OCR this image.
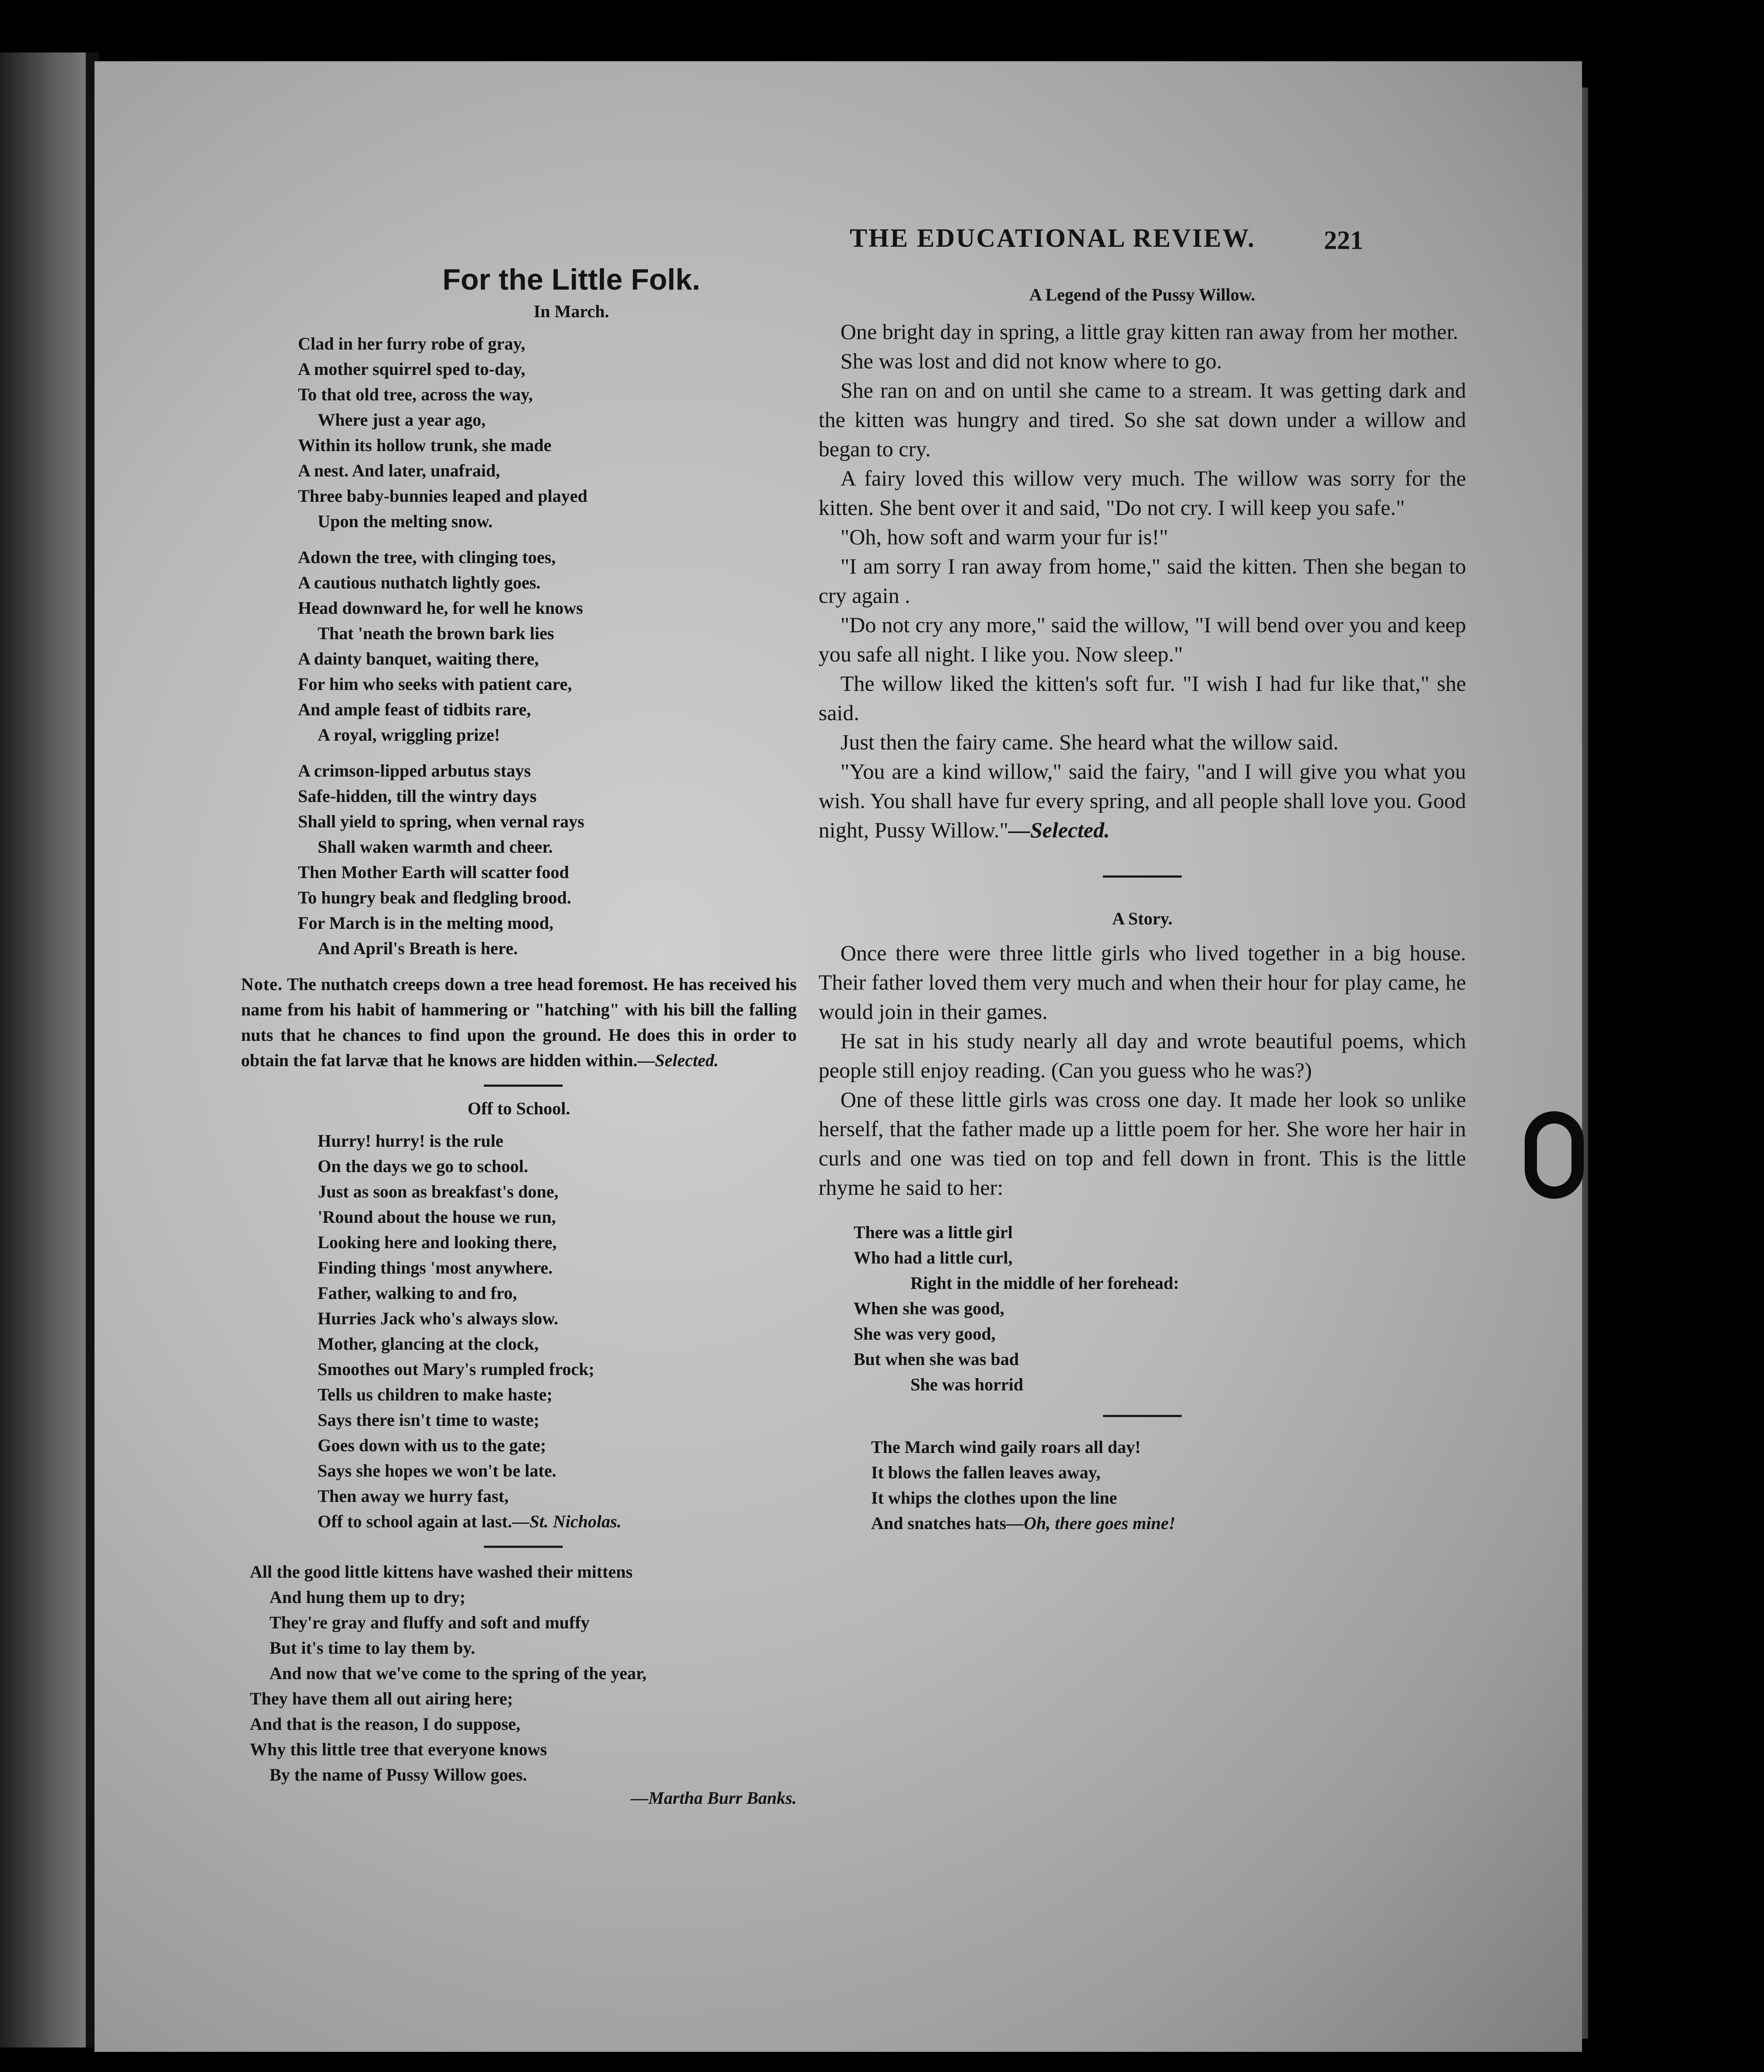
THE EDUCATIONAL REVIEW.	221
For the Little Folk.
In March.
Clad in her furry robe of gray,
A mother squirrel sped to-day,
To that old tree, across the way,
Where just a year ago,
Within its hollow trunk, she made
A nest. And later, unafraid,
Three baby-bunnies leaped and played
Upon the melting snow.
Adown the tree, with clinging toes,
A cautious nuthatch lightly goes.
Head downward he, for well he knows
That 'neath the brown bark lies
A dainty banquet, waiting there,
For him who seeks with patient care,
And ample feast of tidbits rare,
A royal, wriggling prize!
A crimson-lipped arbutus stays
Safe-hidden, till the wintry days
Shall yield to spring, when vernal rays
Shall waken warmth and cheer.
Then Mother Earth will scatter food
To hungry beak and fledgling brood.
For March is in the melting mood,
And April's Breath is here.
Note. The nuthatch creeps down a tree head foremost. He has received his name from his habit of hammering or "hatching" with his bill the falling nuts that he chances to find upon the ground. He does this in order to obtain the fat larvæ that he knows are hidden within.—Selected.
Off to School.
Hurry! hurry! is the rule
On the days we go to school.
Just as soon as breakfast's done,
'Round about the house we run,
Looking here and looking there,
Finding things 'most anywhere.
Father, walking to and fro,
Hurries Jack who's always slow.
Mother, glancing at the clock,
Smoothes out Mary's rumpled frock;
Tells us children to make haste;
Says there isn't time to waste;
Goes down with us to the gate;
Says she hopes we won't be late.
Then away we hurry fast,
Off to school again at last.—St. Nicholas.
All the good little kittens have washed their mittens
And hung them up to dry;
They're gray and fluffy and soft and muffy
But it's time to lay them by.
And now that we've come to the spring of the year,
They have them all out airing here;
And that is the reason, I do suppose,
Why this little tree that everyone knows
By the name of Pussy Willow goes.
—Martha Burr Banks.
A Legend of the Pussy Willow.

One bright day in spring, a little gray kitten ran away from her mother.

She was lost and did not know where to go.

She ran on and on until she came to a stream. It was getting dark and the kitten was hungry and tired. So she sat down under a willow and began to cry.

A fairy loved this willow very much. The willow was sorry for the kitten. She bent over it and said, "Do not cry. I will keep you safe."

"Oh, how soft and warm your fur is!"

"I am sorry I ran away from home," said the kitten. Then she began to cry again .

"Do not cry any more," said the willow, "I will bend over you and keep you safe all night. I like you. Now sleep."

The willow liked the kitten's soft fur. "I wish I had fur like that," she said.

Just then the fairy came. She heard what the willow said.

"You are a kind willow," said the fairy, "and I will give you what you wish. You shall have fur every spring, and all people shall love you. Good night, Pussy Willow."—Selected.

A Story.

Once there were three little girls who lived together in a big house. Their father loved them very much and when their hour for play came, he would join in their games.

He sat in his study nearly all day and wrote beautiful poems, which people still enjoy reading. (Can you guess who he was?)

One of these little girls was cross one day. It made her look so unlike herself, that the father made up a little poem for her. She wore her hair in curls and one was tied on top and fell down in front. This is the little rhyme he said to her:

There was a little girl
Who had a little curl,
Right in the middle of her forehead:
When she was good,
She was very good,
But when she was bad
She was horrid
The March wind gaily roars all day!
It blows the fallen leaves away,
It whips the clothes upon the line
And snatches hats—Oh, there goes mine!
